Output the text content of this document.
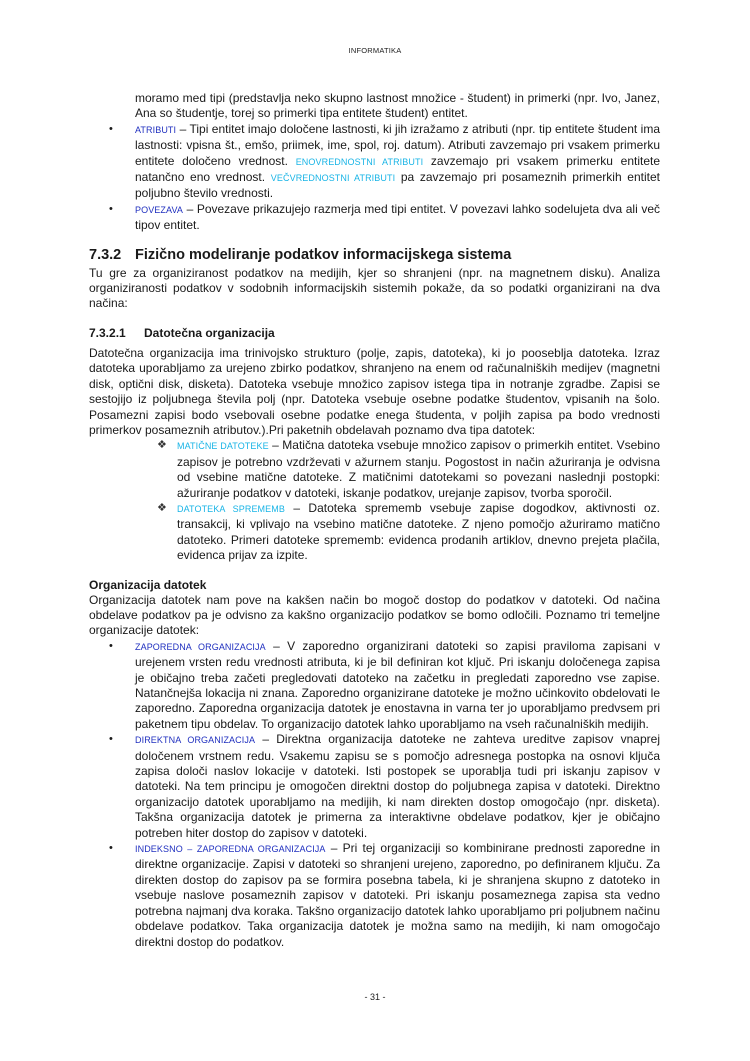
INFORMATIKA

moramo med tipi (predstavlja neko skupno lastnost množice - študent) in primerki (npr. Ivo, Janez, Ana so študentje, torej so primerki tipa entitete študent) entitet.

• ATRIBUTI – Tipi entitet imajo določene lastnosti, ki jih izražamo z atributi (npr. tip entitete študent ima lastnosti: vpisna št., emšo, priimek, ime, spol, roj. datum). Atributi zavzemajo pri vsakem primerku entitete določeno vrednost. ENOVREDNOSTNI ATRIBUTI zavzemajo pri vsakem primerku entitete natančno eno vrednost. VEČVREDNOSTNI ATRIBUTI pa zavzemajo pri posameznih primerkih entitet poljubno število vrednosti.
• POVEZAVA – Povezave prikazujejo razmerja med tipi entitet. V povezavi lahko sodelujeta dva ali več tipov entitet.
7.3.2 Fizično modeliranje podatkov informacijskega sistema

Tu gre za organiziranost podatkov na medijih, kjer so shranjeni (npr. na magnetnem disku). Analiza organiziranosti podatkov v sodobnih informacijskih sistemih pokaže, da so podatki organizirani na dva načina:

7.3.2.1 Datotečna organizacija

Datotečna organizacija ima trinivojsko strukturo (polje, zapis, datoteka), ki jo pooseblja datoteka. Izraz datoteka uporabljamo za urejeno zbirko podatkov, shranjeno na enem od računalniških medijev (magnetni disk, optični disk, disketa). Datoteka vsebuje množico zapisov istega tipa in notranje zgradbe. Zapisi se sestojijo iz poljubnega števila polj (npr. Datoteka vsebuje osebne podatke študentov, vpisanih na šolo. Posamezni zapisi bodo vsebovali osebne podatke enega študenta, v poljih zapisa pa bodo vrednosti primerkov posameznih atributov.).Pri paketnih obdelavah poznamo dva tipa datotek:

❖ MATIČNE DATOTEKE – Matična datoteka vsebuje množico zapisov o primerkih entitet. Vsebino zapisov je potrebno vzdrževati v ažurnem stanju. Pogostost in način ažuriranja je odvisna od vsebine matične datoteke. Z matičnimi datotekami so povezani naslednji postopki: ažuriranje podatkov v datoteki, iskanje podatkov, urejanje zapisov, tvorba sporočil.
❖ DATOTEKA SPREMEMB – Datoteka sprememb vsebuje zapise dogodkov, aktivnosti oz. transakcij, ki vplivajo na vsebino matične datoteke. Z njeno pomočjo ažuriramo matično datoteko. Primeri datoteke sprememb: evidenca prodanih artiklov, dnevno prejeta plačila, evidenca prijav za izpite.
Organizacija datotek

Organizacija datotek nam pove na kakšen način bo mogoč dostop do podatkov v datoteki. Od načina obdelave podatkov pa je odvisno za kakšno organizacijo podatkov se bomo odločili. Poznamo tri temeljne organizacije datotek:

• ZAPOREDNA ORGANIZACIJA – V zaporedno organizirani datoteki so zapisi praviloma zapisani v urejenem vrsten redu vrednosti atributa, ki je bil definiran kot ključ. Pri iskanju določenega zapisa je običajno treba začeti pregledovati datoteko na začetku in pregledati zaporedno vse zapise. Natančnejša lokacija ni znana. Zaporedno organizirane datoteke je možno učinkovito obdelovati le zaporedno. Zaporedna organizacija datotek je enostavna in varna ter jo uporabljamo predvsem pri paketnem tipu obdelav. To organizacijo datotek lahko uporabljamo na vseh računalniških medijih.
• DIREKTNA ORGANIZACIJA – Direktna organizacija datoteke ne zahteva ureditve zapisov vnaprej določenem vrstnem redu. Vsakemu zapisu se s pomočjo adresnega postopka na osnovi ključa zapisa določi naslov lokacije v datoteki. Isti postopek se uporablja tudi pri iskanju zapisov v datoteki. Na tem principu je omogočen direktni dostop do poljubnega zapisa v datoteki. Direktno organizacijo datotek uporabljamo na medijih, ki nam direkten dostop omogočajo (npr. disketa). Takšna organizacija datotek je primerna za interaktivne obdelave podatkov, kjer je običajno potreben hiter dostop do zapisov v datoteki.
• INDEKSNO – ZAPOREDNA ORGANIZACIJA – Pri tej organizaciji so kombinirane prednosti zaporedne in direktne organizacije. Zapisi v datoteki so shranjeni urejeno, zaporedno, po definiranem ključu. Za direkten dostop do zapisov pa se formira posebna tabela, ki je shranjena skupno z datoteko in vsebuje naslove posameznih zapisov v datoteki. Pri iskanju posameznega zapisa sta vedno potrebna najmanj dva koraka. Takšno organizacijo datotek lahko uporabljamo pri poljubnem načinu obdelave podatkov. Taka organizacija datotek je možna samo na medijih, ki nam omogočajo direktni dostop do podatkov.
- 31 -
